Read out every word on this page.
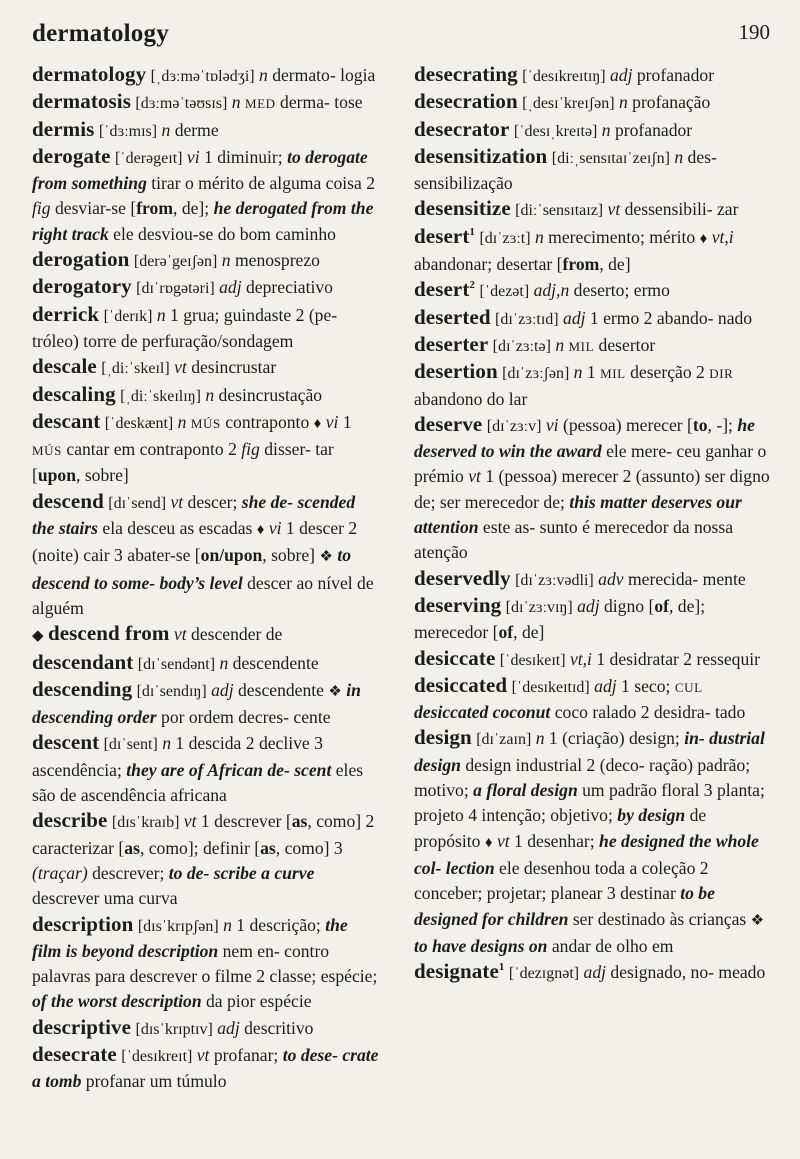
dermatology	190

dermatology [ˌdɜːməˈtɒlədʒi] n dermato- logia

dermatosis [dɜːməˈtəʊsɪs] n MED derma- tose

dermis [ˈdɜːmɪs] n derme

derogate [ˈderəgeɪt] vi 1 diminuir; to derogate from something tirar o mérito de alguma coisa 2 fig desviar-se [from, de]; he derogated from the right track ele desviou-se do bom caminho

derogation [derəˈgeɪʃən] n menosprezo

derogatory [dɪˈrɒgətəri] adj depreciativo

derrick [ˈderɪk] n 1 grua; guindaste 2 (pe- tróleo) torre de perfuração/sondagem

descale [ˌdiːˈskeɪl] vt desincrustar

descaling [ˌdiːˈskeɪlɪŋ] n desincrustação

descant [ˈdeskænt] n MÚS contraponto ♦ vi 1 MÚS cantar em contraponto 2 fig disser- tar [upon, sobre]

descend [dɪˈsend] vt descer; she de- scended the stairs ela desceu as escadas ♦ vi 1 descer 2 (noite) cair 3 abater-se [on/upon, sobre] ❖ to descend to some- body’s level descer ao nível de alguém

◆ descend from vt descender de

descendant [dɪˈsendənt] n descendente

descending [dɪˈsendɪŋ] adj descendente ❖ in descending order por ordem decres- cente

descent [dɪˈsent] n 1 descida 2 declive 3 ascendência; they are of African de- scent eles são de ascendência africana

describe [dɪsˈkraɪb] vt 1 descrever [as, como] 2 caracterizar [as, como]; definir [as, como] 3 (traçar) descrever; to de- scribe a curve descrever uma curva

description [dɪsˈkrɪpʃən] n 1 descrição; the film is beyond description nem en- contro palavras para descrever o filme 2 classe; espécie; of the worst description da pior espécie

descriptive [dɪsˈkrɪptɪv] adj descritivo

desecrate [ˈdesɪkreɪt] vt profanar; to dese- crate a tomb profanar um túmulo

desecrating [ˈdesɪkreɪtɪŋ] adj profanador

desecration [ˌdesɪˈkreɪʃən] n profanação

desecrator [ˈdesɪˌkreɪtə] n profanador

desensitization [diːˌsensɪtaɪˈzeɪʃn] n des- sensibilização

desensitize [diːˈsensɪtaɪz] vt dessensibili- zar

desert$^1$ [dɪˈzɜːt] n merecimento; mérito ♦ vt,i abandonar; desertar [from, de]

desert$^2$ [ˈdezət] adj,n deserto; ermo

deserted [dɪˈzɜːtɪd] adj 1 ermo 2 abando- nado

deserter [dɪˈzɜːtə] n MIL desertor

desertion [dɪˈzɜːʃən] n 1 MIL deserção 2 DIR abandono do lar

deserve [dɪˈzɜːv] vi (pessoa) merecer [to, -]; he deserved to win the award ele mere- ceu ganhar o prémio vt 1 (pessoa) merecer 2 (assunto) ser digno de; ser merecedor de; this matter deserves our attention este as- sunto é merecedor da nossa atenção

deservedly [dɪˈzɜːvədli] adv merecida- mente

deserving [dɪˈzɜːvɪŋ] adj digno [of, de]; merecedor [of, de]

desiccate [ˈdesɪkeɪt] vt,i 1 desidratar 2 ressequir

desiccated [ˈdesɪkeɪtɪd] adj 1 seco; CUL desiccated coconut coco ralado 2 desidra- tado

design [dɪˈzaɪn] n 1 (criação) design; in- dustrial design design industrial 2 (deco- ração) padrão; motivo; a floral design um padrão floral 3 planta; projeto 4 intenção; objetivo; by design de propósito ♦ vt 1 desenhar; he designed the whole col- lection ele desenhou toda a coleção 2 conceber; projetar; planear 3 destinar to be designed for children ser destinado às crianças ❖ to have designs on andar de olho em

designate$^1$ [ˈdezɪgnət] adj designado, no- meado
